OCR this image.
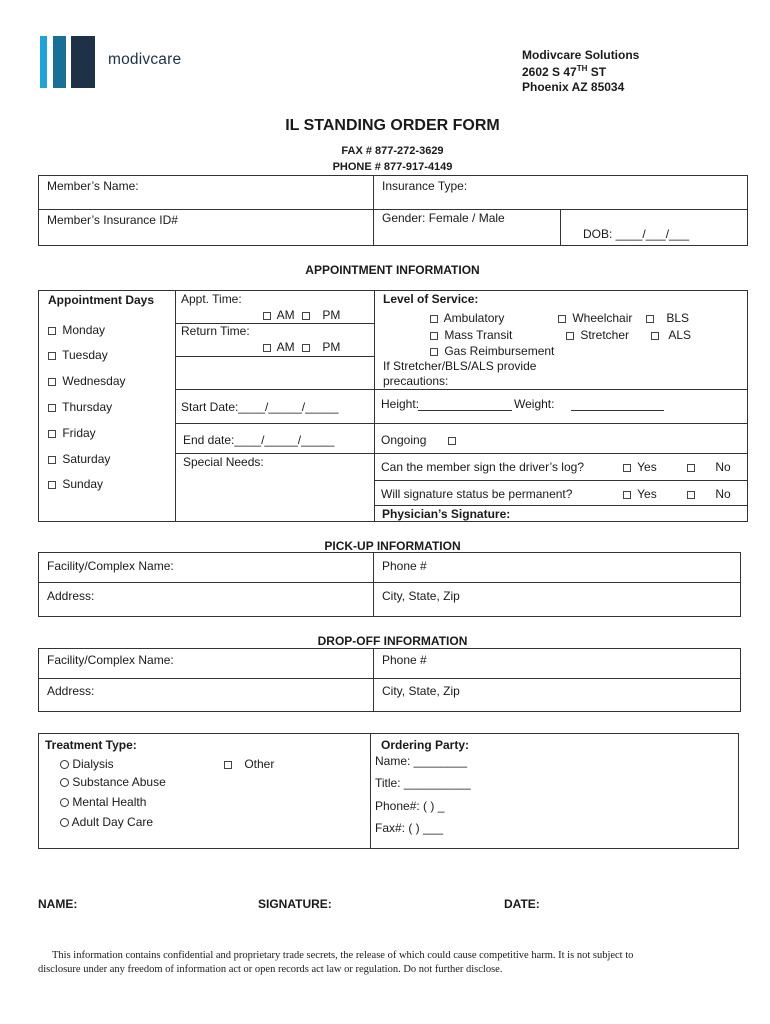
modivcare	Modivcare Solutions
2602 S 47TH ST
Phoenix AZ 85034
IL STANDING ORDER FORM
FAX # 877-272-3629
PHONE # 877-917-4149
Member’s Name:	Insurance Type:
Member’s Insurance ID#	Gender: Female / Male
DOB: ____/___/___
APPOINTMENT INFORMATION
Appointment Days
Monday
Tuesday
Wednesday
Thursday
Friday
Saturday
Sunday
Appt. Time:
AM PM
Return Time:
AM PM
Start Date:____/_____/_____
End date:____/_____/_____
Special Needs:
Level of Service:
Ambulatory	Wheelchair	BLS
Mass Transit	Stretcher	ALS
Gas Reimbursement
If Stretcher/BLS/ALS provide
precautions:
Height:	Weight:
Ongoing
Can the member sign the driver’s log?	Yes	No
Will signature status be permanent?	Yes	No
Physician’s Signature:
PICK-UP INFORMATION
Facility/Complex Name:	Phone #
Address:	City, State, Zip
DROP-OFF INFORMATION
Facility/Complex Name:	Phone #
Address:	City, State, Zip
Treatment Type:
Dialysis
Substance Abuse
Mental Health
Adult Day Care
Other
Ordering Party:
Name: ________
Title: __________
Phone#: ( ) _
Fax#: ( ) ___
NAME:	SIGNATURE:	DATE:
This information contains confidential and proprietary trade secrets, the release of which could cause competitive harm. It is not subject to
disclosure under any freedom of information act or open records act law or regulation. Do not further disclose.
